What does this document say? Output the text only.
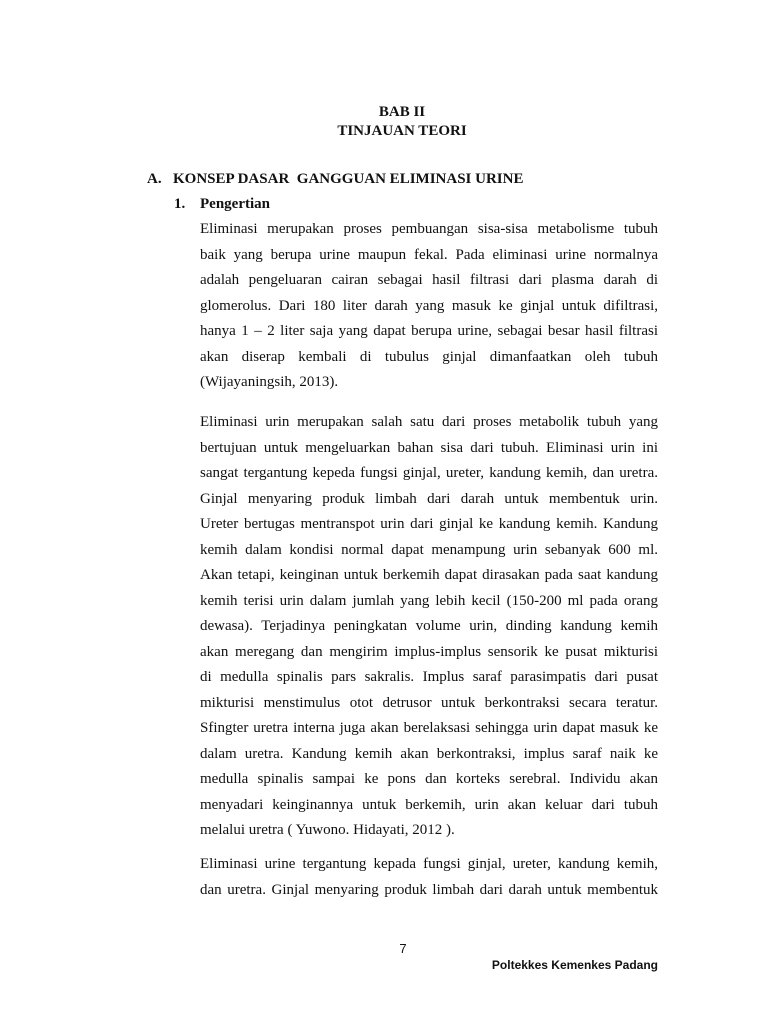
BAB II
TINJAUAN TEORI
A. KONSEP DASAR  GANGGUAN ELIMINASI URINE
1. Pengertian
Eliminasi merupakan proses pembuangan sisa-sisa metabolisme tubuh
baik yang berupa urine maupun fekal. Pada eliminasi urine normalnya
adalah pengeluaran cairan sebagai hasil filtrasi dari plasma darah di
glomerolus. Dari 180 liter darah yang masuk ke ginjal untuk difiltrasi,
hanya 1 – 2 liter saja yang dapat berupa urine, sebagai besar hasil filtrasi
akan diserap kembali di tubulus ginjal dimanfaatkan oleh tubuh
(Wijayaningsih, 2013).
Eliminasi urin merupakan salah satu dari proses metabolik tubuh yang
bertujuan untuk mengeluarkan bahan sisa dari tubuh. Eliminasi urin ini
sangat tergantung kepeda fungsi ginjal, ureter, kandung kemih, dan uretra.
Ginjal menyaring produk limbah dari darah untuk membentuk urin.
Ureter bertugas mentranspot urin dari ginjal ke kandung kemih. Kandung
kemih dalam kondisi normal dapat menampung urin sebanyak 600 ml.
Akan tetapi, keinginan untuk berkemih dapat dirasakan pada saat kandung
kemih terisi urin dalam jumlah yang lebih kecil (150-200 ml pada orang
dewasa). Terjadinya peningkatan volume urin, dinding kandung kemih
akan meregang dan mengirim implus-implus sensorik ke pusat mikturisi
di medulla spinalis pars sakralis. Implus saraf parasimpatis dari pusat
mikturisi menstimulus otot detrusor untuk berkontraksi secara teratur.
Sfingter uretra interna juga akan berelaksasi sehingga urin dapat masuk ke
dalam uretra. Kandung kemih akan berkontraksi, implus saraf naik ke
medulla spinalis sampai ke pons dan korteks serebral. Individu akan
menyadari keinginannya untuk berkemih, urin akan keluar dari tubuh
melalui uretra ( Yuwono. Hidayati, 2012 ).
Eliminasi urine tergantung kepada fungsi ginjal, ureter, kandung kemih,
dan uretra. Ginjal menyaring produk limbah dari darah untuk membentuk
7
Poltekkes Kemenkes Padang
